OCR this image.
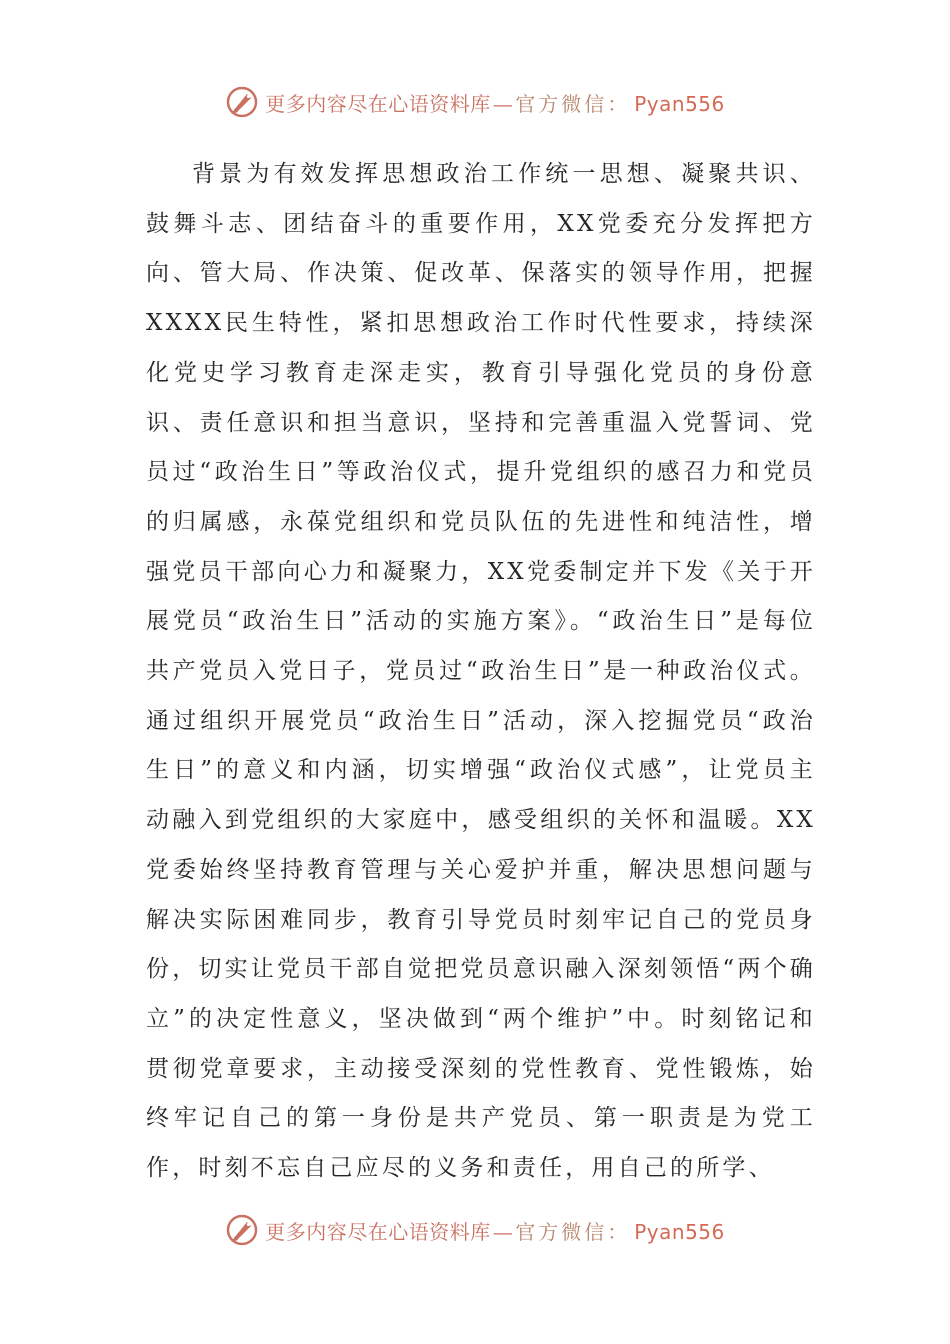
更多内容尽在心语资料库 — 官方微信： Pyan556

背景为有效发挥思想政治工作统一思想、凝聚共识、鼓舞斗志、团结奋斗的重要作用，XX党委充分发挥把方向、管大局、作决策、促改革、保落实的领导作用，把握XXXX民生特性，紧扣思想政治工作时代性要求，持续深化党史学习教育走深走实，教育引导强化党员的身份意识、责任意识和担当意识，坚持和完善重温入党誓词、党员过“政治生日”等政治仪式，提升党组织的感召力和党员的归属感，永葆党组织和党员队伍的先进性和纯洁性，增强党员干部向心力和凝聚力，XX党委制定并下发《关于开展党员“政治生日”活动的实施方案》。“政治生日”是每位共产党员入党日子，党员过“政治生日”是一种政治仪式。通过组织开展党员“政治生日”活动，深入挖掘党员“政治生日”的意义和内涵，切实增强“政治仪式感”，让党员主动融入到党组织的大家庭中，感受组织的关怀和温暖。XX党委始终坚持教育管理与关心爱护并重，解决思想问题与解决实际困难同步，教育引导党员时刻牢记自己的党员身份，切实让党员干部自觉把党员意识融入深刻领悟“两个确立”的决定性意义，坚决做到“两个维护”中。时刻铭记和贯彻党章要求，主动接受深刻的党性教育、党性锻炼，始终牢记自己的第一身份是共产党员、第一职责是为党工作，时刻不忘自己应尽的义务和责任，用自己的所学、

更多内容尽在心语资料库 — 官方微信： Pyan556
